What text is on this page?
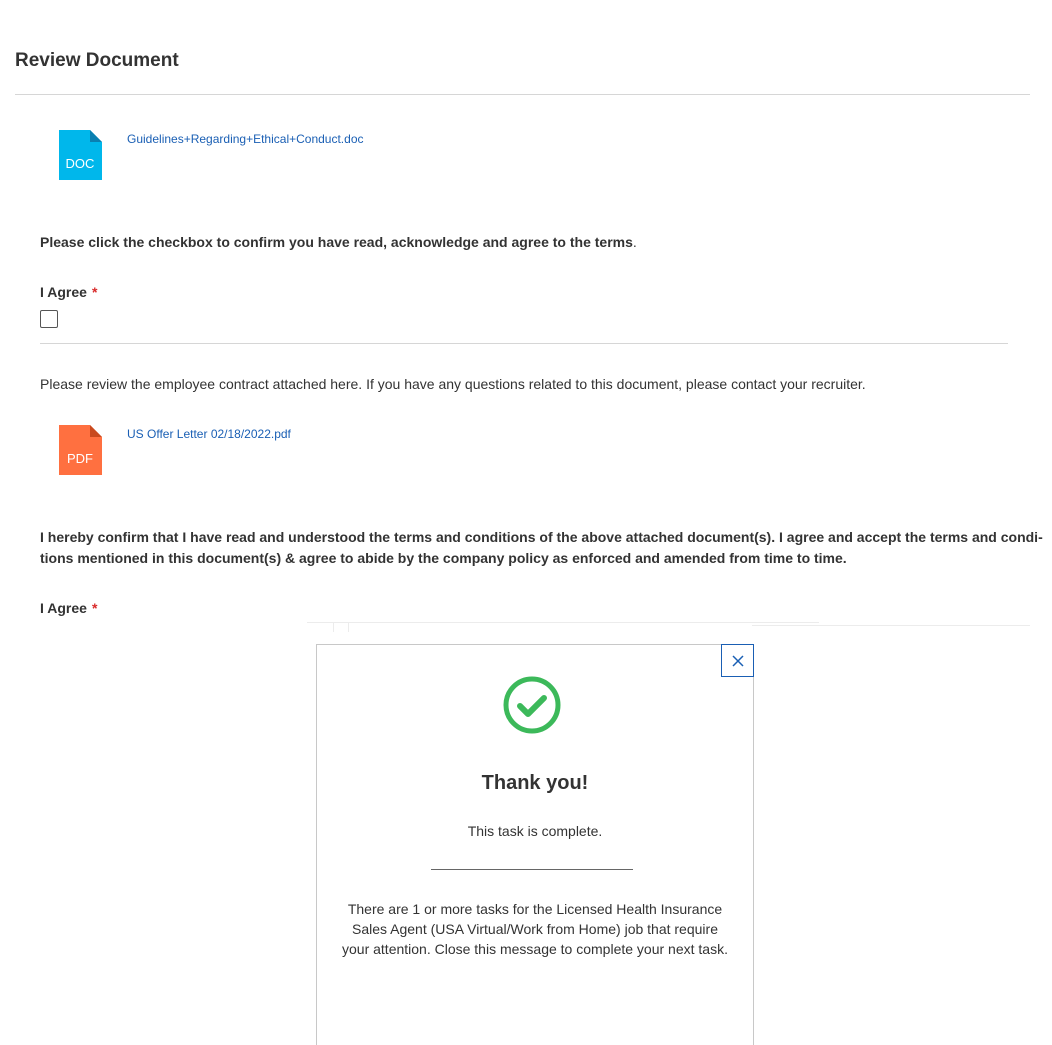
Review Document
DOC
Guidelines+Regarding+Ethical+Conduct.doc
Please click the checkbox to confirm you have read, acknowledge and agree to the terms.
I Agree *
Please review the employee contract attached here. If you have any questions related to this document, please contact your recruiter.
PDF
US Offer Letter 02/18/2022.pdf
I hereby confirm that I have read and understood the terms and conditions of the above attached document(s). I agree and accept the terms and condi-
tions mentioned in this document(s) & agree to abide by the company policy as enforced and amended from time to time.
I Agree *
Thank you!
This task is complete.
There are 1 or more tasks for the Licensed Health Insurance Sales Agent (USA Virtual/Work from Home) job that require your attention. Close this message to complete your next task.
